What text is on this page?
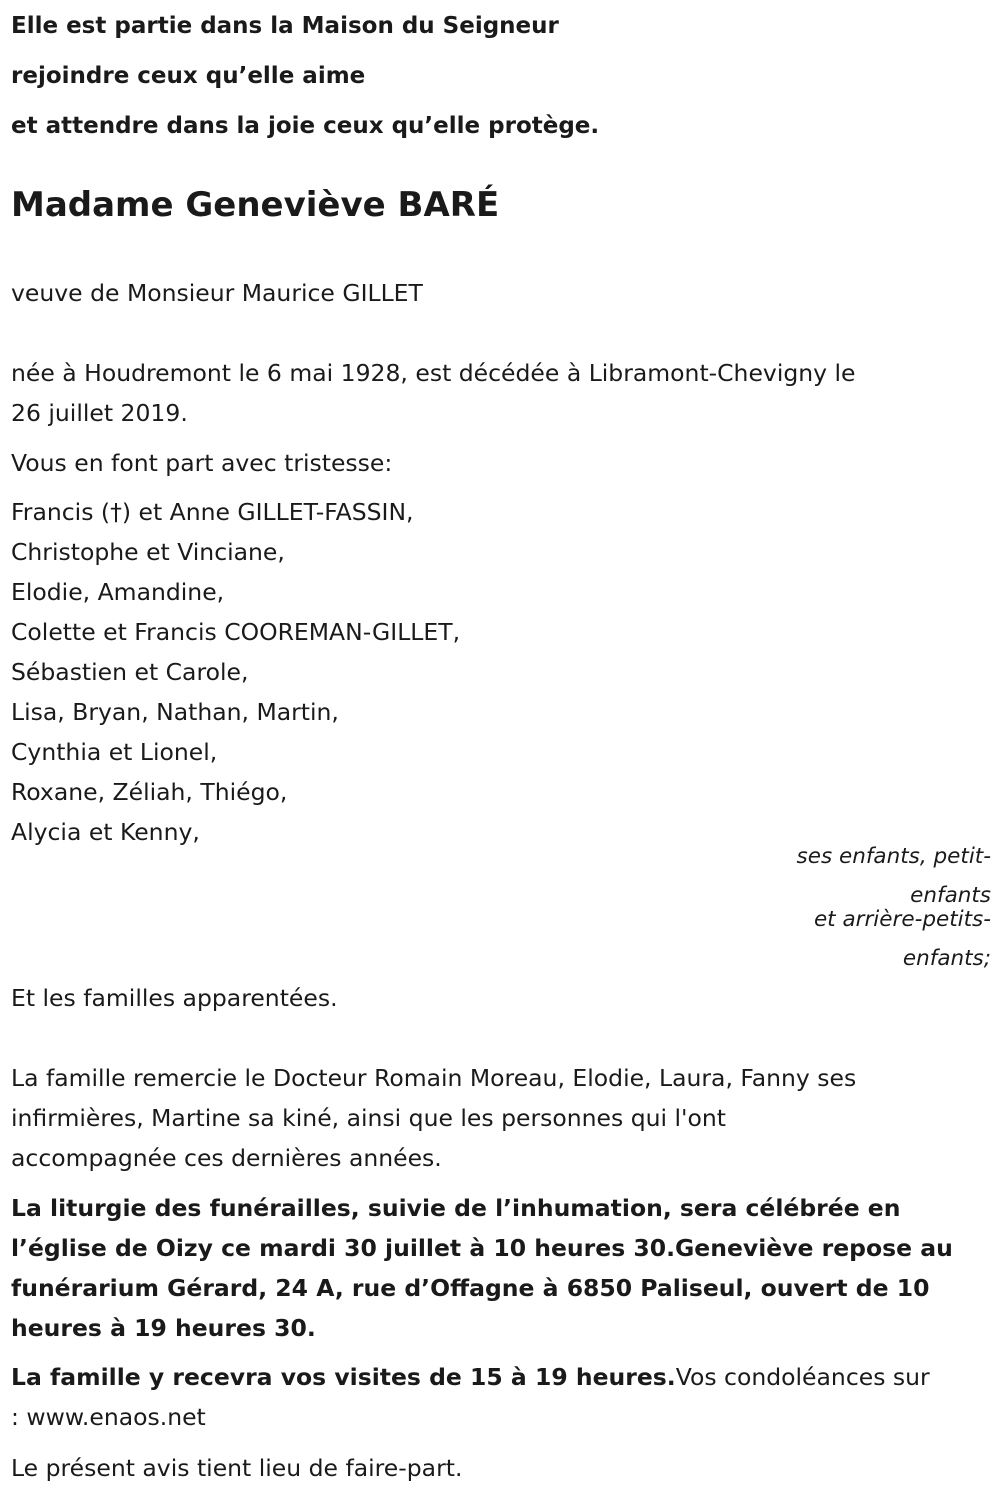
Elle est partie dans la Maison du Seigneur
rejoindre ceux qu’elle aime
et attendre dans la joie ceux qu’elle protège.
Madame Geneviève BARÉ
veuve de Monsieur Maurice GILLET
née à Houdremont le 6 mai 1928, est décédée à Libramont-Chevigny le
26 juillet 2019.
Vous en font part avec tristesse:
Francis (†) et Anne GILLET-FASSIN,
Christophe et Vinciane,
Elodie, Amandine,
Colette et Francis COOREMAN-GILLET,
Sébastien et Carole,
Lisa, Bryan, Nathan, Martin,
Cynthia et Lionel,
Roxane, Zéliah, Thiégo,
Alycia et Kenny,
ses enfants, petit-
enfants
et arrière-petits-
enfants;
Et les familles apparentées.
La famille remercie le Docteur Romain Moreau, Elodie, Laura, Fanny ses
infirmières, Martine sa kiné, ainsi que les personnes qui l'ont
accompagnée ces dernières années.
La liturgie des funérailles, suivie de l’inhumation, sera célébrée en
l’église de Oizy ce mardi 30 juillet à 10 heures 30.Geneviève repose au
funérarium Gérard, 24 A, rue d’Offagne à 6850 Paliseul, ouvert de 10
heures à 19 heures 30.
La famille y recevra vos visites de 15 à 19 heures.Vos condoléances sur
: www.enaos.net
Le présent avis tient lieu de faire-part.
